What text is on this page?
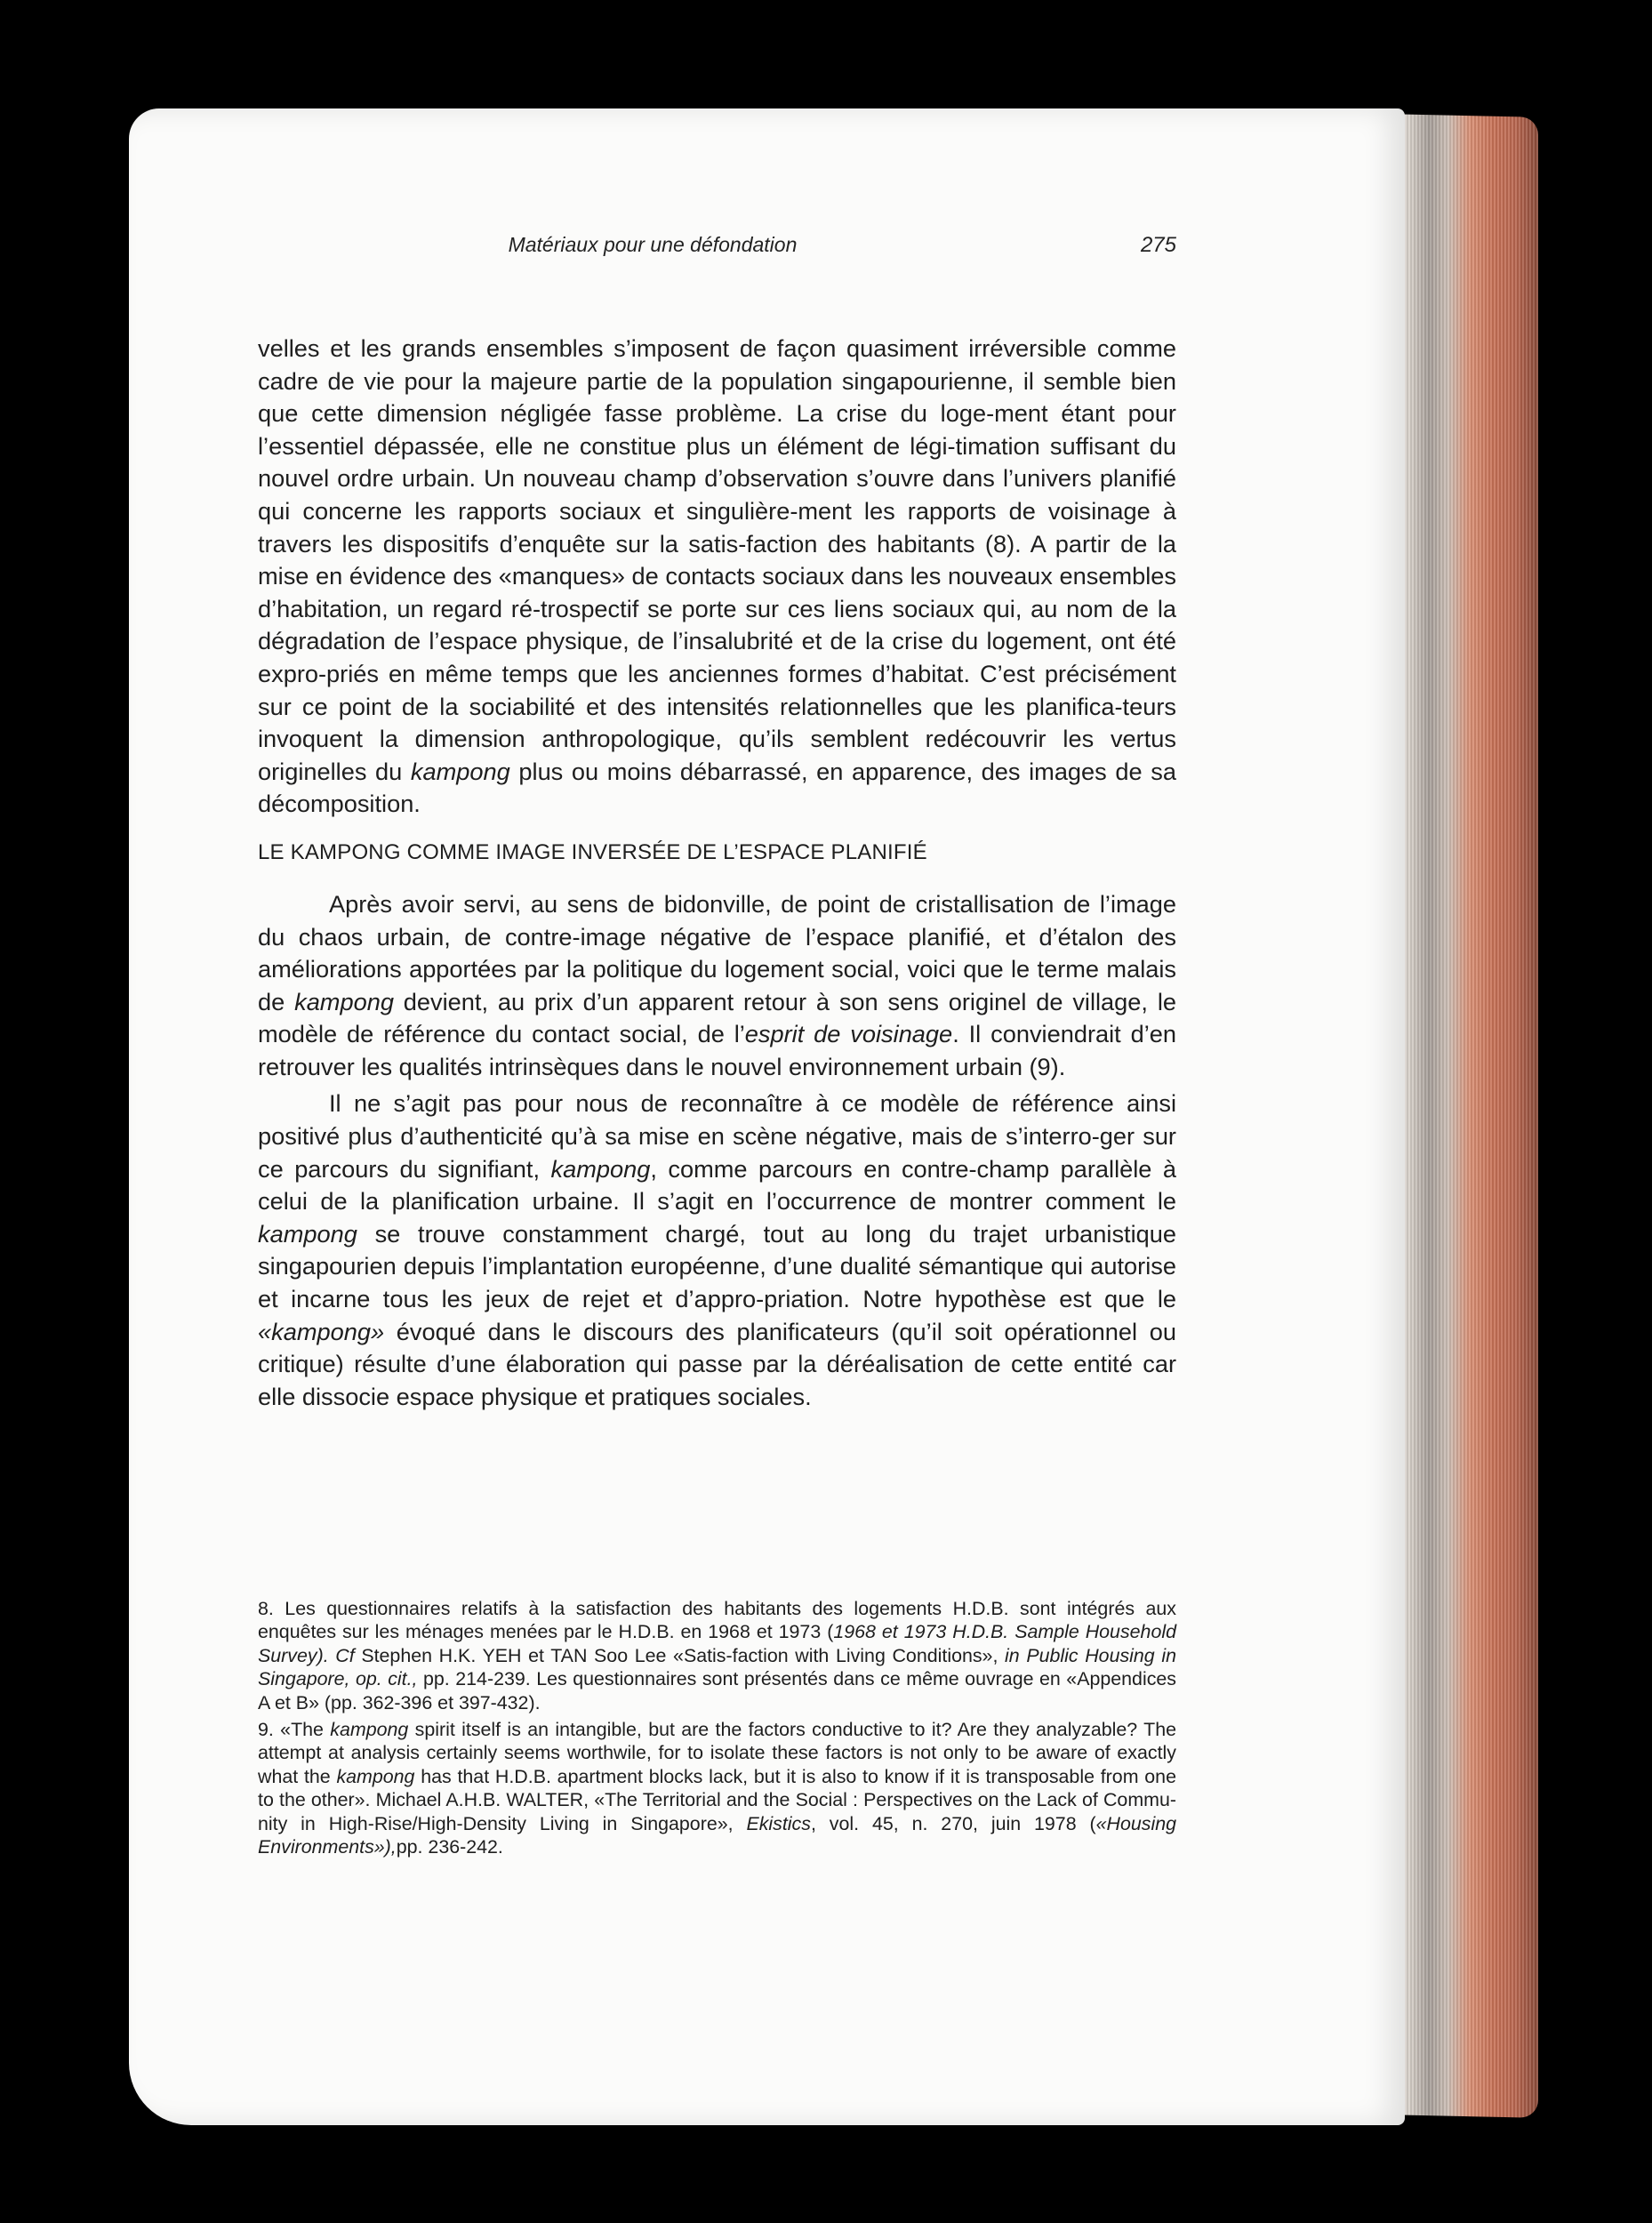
Matériaux pour une défondation	275

velles et les grands ensembles s’imposent de façon quasiment irréversible comme cadre de vie pour la majeure partie de la population singapourienne, il semble bien que cette dimension négligée fasse problème. La crise du loge-ment étant pour l’essentiel dépassée, elle ne constitue plus un élément de légi-timation suffisant du nouvel ordre urbain. Un nouveau champ d’observation s’ouvre dans l’univers planifié qui concerne les rapports sociaux et singulière-ment les rapports de voisinage à travers les dispositifs d’enquête sur la satis-faction des habitants (8). A partir de la mise en évidence des «manques» de contacts sociaux dans les nouveaux ensembles d’habitation, un regard ré-trospectif se porte sur ces liens sociaux qui, au nom de la dégradation de l’espace physique, de l’insalubrité et de la crise du logement, ont été expro-priés en même temps que les anciennes formes d’habitat. C’est précisément sur ce point de la sociabilité et des intensités relationnelles que les planifica-teurs invoquent la dimension anthropologique, qu’ils semblent redécouvrir les vertus originelles du kampong plus ou moins débarrassé, en apparence, des images de sa décomposition.

LE KAMPONG COMME IMAGE INVERSÉE DE L’ESPACE PLANIFIÉ

Après avoir servi, au sens de bidonville, de point de cristallisation de l’image du chaos urbain, de contre-image négative de l’espace planifié, et d’étalon des améliorations apportées par la politique du logement social, voici que le terme malais de kampong devient, au prix d’un apparent retour à son sens originel de village, le modèle de référence du contact social, de l’esprit de voisinage. Il conviendrait d’en retrouver les qualités intrinsèques dans le nouvel environnement urbain (9).

Il ne s’agit pas pour nous de reconnaître à ce modèle de référence ainsi positivé plus d’authenticité qu’à sa mise en scène négative, mais de s’interro-ger sur ce parcours du signifiant, kampong, comme parcours en contre-champ parallèle à celui de la planification urbaine. Il s’agit en l’occurrence de montrer comment le kampong se trouve constamment chargé, tout au long du trajet urbanistique singapourien depuis l’implantation européenne, d’une dualité sémantique qui autorise et incarne tous les jeux de rejet et d’appro-priation. Notre hypothèse est que le «kampong» évoqué dans le discours des planificateurs (qu’il soit opérationnel ou critique) résulte d’une élaboration qui passe par la déréalisation de cette entité car elle dissocie espace physique et pratiques sociales.

8. Les questionnaires relatifs à la satisfaction des habitants des logements H.D.B. sont intégrés aux enquêtes sur les ménages menées par le H.D.B. en 1968 et 1973 (1968 et 1973 H.D.B. Sample Household Survey). Cf Stephen H.K. YEH et TAN Soo Lee «Satis-faction with Living Conditions», in Public Housing in Singapore, op. cit., pp. 214-239. Les questionnaires sont présentés dans ce même ouvrage en «Appendices A et B» (pp. 362-396 et 397-432).

9. «The kampong spirit itself is an intangible, but are the factors conductive to it? Are they analyzable? The attempt at analysis certainly seems worthwile, for to isolate these factors is not only to be aware of exactly what the kampong has that H.D.B. apartment blocks lack, but it is also to know if it is transposable from one to the other». Michael A.H.B. WALTER, «The Territorial and the Social : Perspectives on the Lack of Commu-nity in High-Rise/High-Density Living in Singapore», Ekistics, vol. 45, n. 270, juin 1978 («Housing Environments»),pp. 236-242.
